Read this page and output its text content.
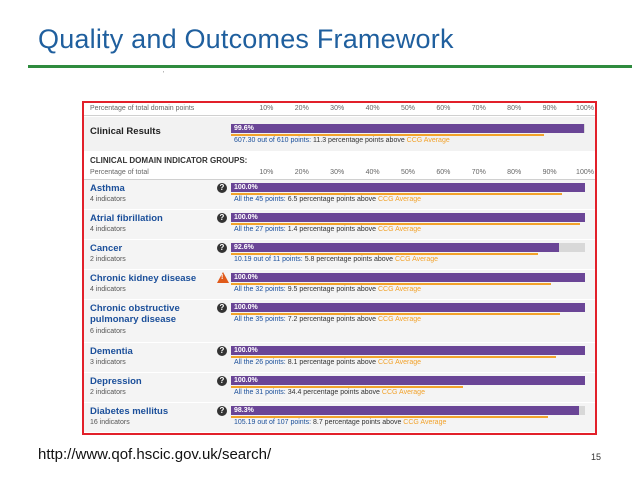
Quality and Outcomes Framework
'
Percentage of total domain points	10%	20%	30%	40%	50%	60%	70%	80%	90%	100%
Clinical Results	99.6%
607.30 out of 610 points: 11.3 percentage points above CCG Average
CLINICAL DOMAIN INDICATOR GROUPS:
Percentage of total	10%	20%	30%	40%	50%	60%	70%	80%	90%	100%
Asthma
4 indicators
?	100.0%
All the 45 points: 6.5 percentage points above CCG Average
Atrial fibrillation
4 indicators
?	100.0%
All the 27 points: 1.4 percentage points above CCG Average
Cancer
2 indicators
?	92.6%
10.19 out of 11 points: 5.8 percentage points above CCG Average
Chronic kidney disease
4 indicators
! 100.0%
All the 32 points: 9.5 percentage points above CCG Average
Chronic obstructive pulmonary disease
6 indicators
?	100.0%
All the 35 points: 7.2 percentage points above CCG Average
Dementia
3 indicators
?	100.0%
All the 26 points: 8.1 percentage points above CCG Average
Depression
2 indicators
?	100.0%
All the 31 points: 34.4 percentage points above CCG Average
Diabetes mellitus
16 indicators
?	98.3%
105.19 out of 107 points: 8.7 percentage points above CCG Average
http://www.qof.hscic.gov.uk/search/	15
